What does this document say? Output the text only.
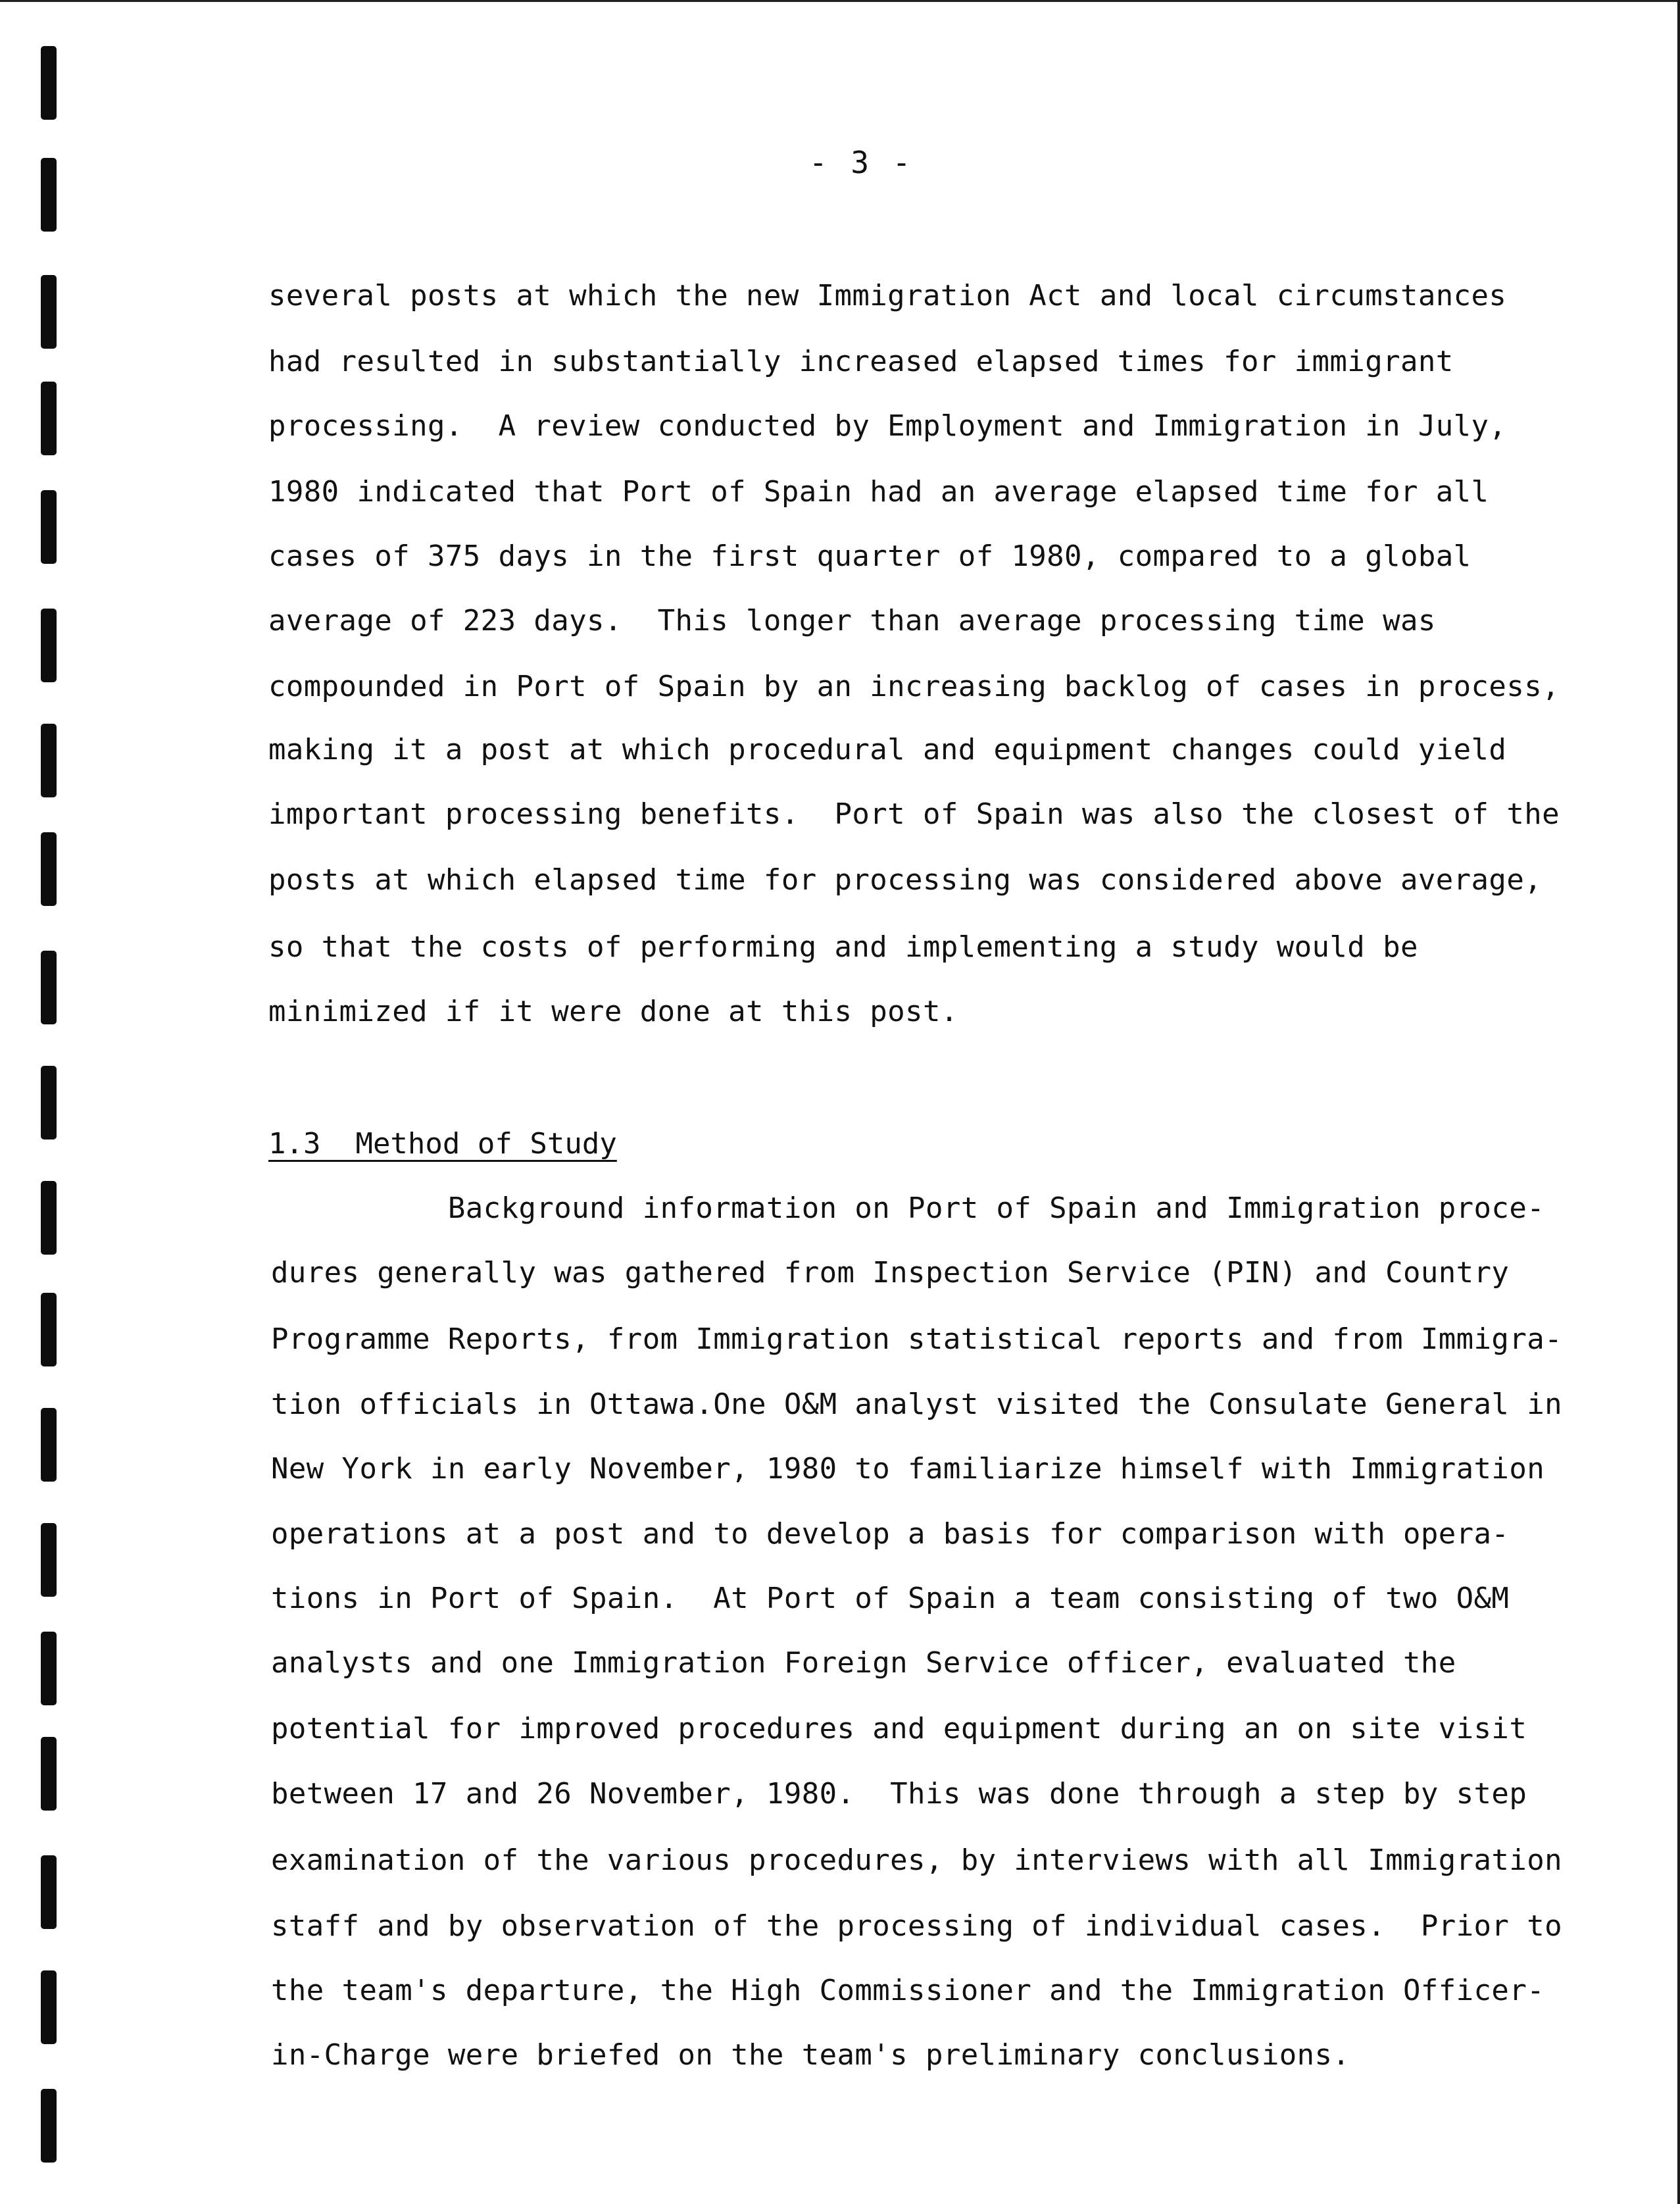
- 3 -
several posts at which the new Immigration Act and local circumstances
had resulted in substantially increased elapsed times for immigrant
processing.  A review conducted by Employment and Immigration in July,
1980 indicated that Port of Spain had an average elapsed time for all
cases of 375 days in the first quarter of 1980, compared to a global
average of 223 days.  This longer than average processing time was
compounded in Port of Spain by an increasing backlog of cases in process,
making it a post at which procedural and equipment changes could yield
important processing benefits.  Port of Spain was also the closest of the
posts at which elapsed time for processing was considered above average,
so that the costs of performing and implementing a study would be
minimized if it were done at this post.
1.3  Method of Study
Background information on Port of Spain and Immigration proce-
dures generally was gathered from Inspection Service (PIN) and Country
Programme Reports, from Immigration statistical reports and from Immigra-
tion officials in Ottawa.One O&M analyst visited the Consulate General in
New York in early November, 1980 to familiarize himself with Immigration
operations at a post and to develop a basis for comparison with opera-
tions in Port of Spain.  At Port of Spain a team consisting of two O&M
analysts and one Immigration Foreign Service officer, evaluated the
potential for improved procedures and equipment during an on site visit
between 17 and 26 November, 1980.  This was done through a step by step
examination of the various procedures, by interviews with all Immigration
staff and by observation of the processing of individual cases.  Prior to
the team's departure, the High Commissioner and the Immigration Officer-
in-Charge were briefed on the team's preliminary conclusions.
